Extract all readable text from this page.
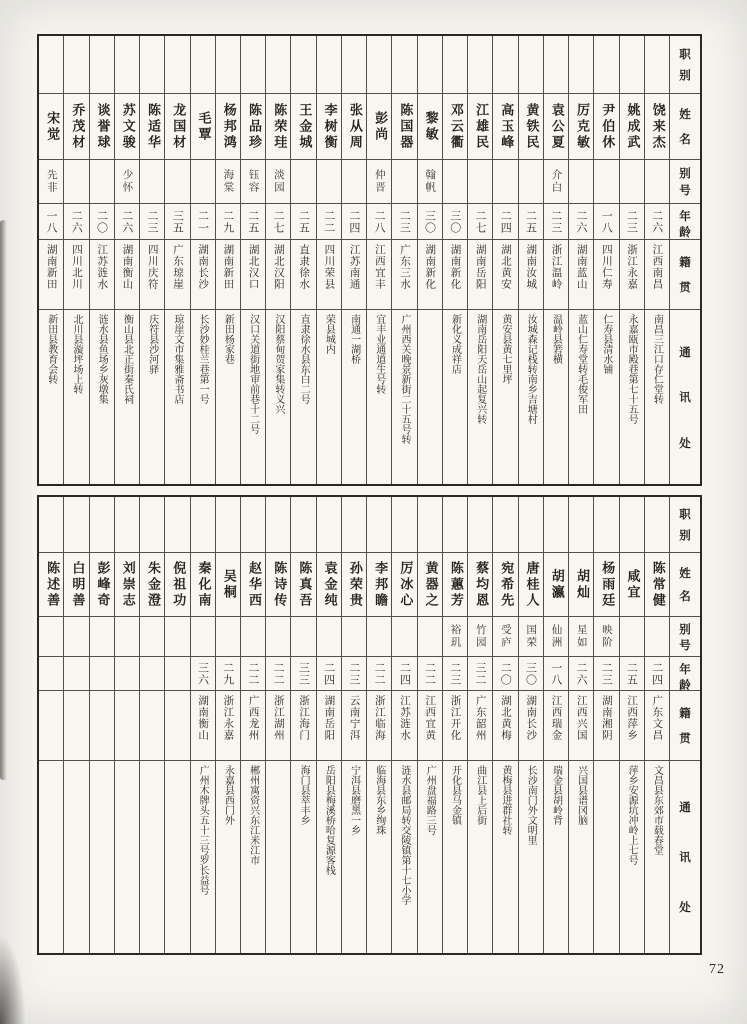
职
别
姓
名
别
号
年
龄
籍
贯
通
讯
处
饶来杰
二六
江西南昌
南昌三江口存仁堂转
姚成武
二三
浙江永嘉
永嘉瓯市殿巷第七十五号
尹伯休
一八
四川仁寿
仁寿县清水铺
厉克敏
二六
湖南蓝山
蓝山仁寿堂转毛俊军田
袁公夏
介白
二三
浙江温岭
温岭县箬横
黄铁民
二五
湖南汝城
汝城森记栈转南乡吉塘村
高玉峰
二四
湖北黄安
黄安县黄七里坪
江雄民
二七
湖南岳阳
湖南岳阳天岳山起复兴转
邓云衢
三〇
湖南新化
新化义成祥店
黎敏
翰帆
三〇
湖南新化
陈国器
二三
广东三水
广州西关晚景新街二十五号转
彭尚
仲晋
二八
江西宜丰
宜丰业通道生号转
张从周
二四
江苏南通
南通一湖桥
李树衡
二二
四川荣县
荣县城内
王金城
二五
直隶徐水
直隶徐水县东白二号
陈荣珪
淡园
二七
湖北汉阳
汉阳蔡甸贺家集转义兴
陈品珍
钰容
二五
湖北汉口
汉口关道街地审前巷十二号
杨邦鸿
海棠
二九
湖南新田
新田杨家巷
毛覃
二一
湖南长沙
长沙妙桂兰巷第一号
龙国材
三五
广东琼崖
琼崖文市集雅斋书店
陈适华
二三
四川庆符
庆符县沙河驿
苏文骏
少怀
二六
湖南衡山
衡山县北正街秦氏祠
谈誉球
二〇
江苏涟水
涟水县鱼场乡灰墩集
乔茂材
二六
四川北川
北川县漩坪场上转
宋觉
先非
一八
湖南新田
新田县教育会转
职
别
姓
名
别
号
年
龄
籍
贯
通
讯
处
陈常健
二四
广东文昌
文昌县东郊市载春堂
咸宜
二五
江西萍乡
萍乡安源坑冲岭上七号
杨雨廷
映阶
二三
湖南湘阴
胡灿
星如
二六
江西兴国
兴国县谱冈脑
胡瀛
仙洲
一八
江西瑞金
瑞金县胡岭背
唐桂人
国荣
三〇
湖南长沙
长沙南门外文明里
宛希先
受庐
二〇
湖北黄梅
黄梅县进群社转
蔡均恩
竹园
三二
广东韶州
曲江县上后街
陈蕙芳
裕玑
二三
浙江开化
开化县马金镇
黄器之
二二
江西宜黄
广州盘福路三号
厉冰心
二四
江苏涟水
涟水县邮局转交陵镇第十七小学
李邦瞻
二二
浙江临海
临海县东乡绚珠
孙荣贵
二三
云南宁洱
宁洱县磨黑一乡
袁金纯
二四
湖南岳阳
岳阳县梅溪桥哈复源客栈
陈真吾
三三
浙江海门
海门县萃丰乡
陈诗传
二二
浙江湖州
赵华西
二二
广西龙州
郴州寓资兴东江米江市
吴桐
二九
浙江永嘉
永嘉县西门外
秦化南
三六
湖南衡山
广州木牌头五十三号罗长益号
倪祖功
朱金澄
刘崇志
彭峰奇
白明善
陈述善
72
